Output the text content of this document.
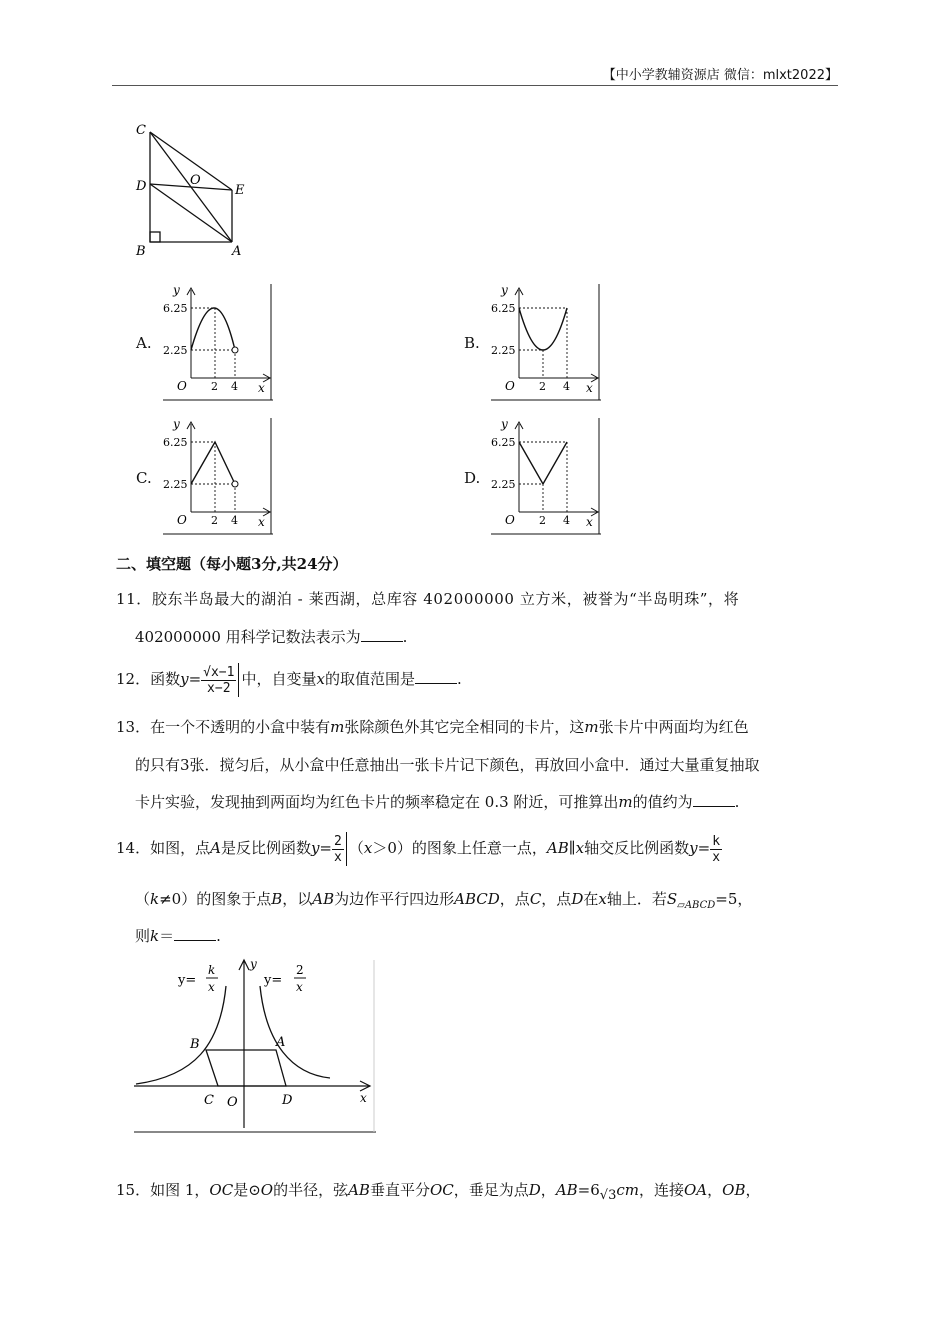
【中小学教辅资源店 微信：mlxt2022】
C
D	O
E
B	A
A.	B.
C.	D.
6.25
2.25
O 2 4 x
y
6.25
2.25
O 2 4 x
y
6.25
2.25
O 2 4 x
y
6.25
2.25
O 2 4 x
y
二、填空题（每小题3分,共24分）
11．胶东半岛最大的湖泊 - 莱西湖，总库容 402000000 立方米，被誉为“半岛明珠”，将
402000000 用科学记数法表示为	.
12．函数$y= \frac{√x-1}{x-2}$ 中，自变量x的取值范围是	.
13．在一个不透明的小盒中装有m张除颜色外其它完全相同的卡片，这m张卡片中两面均为红色
的只有3张．搅匀后，从小盒中任意抽出一张卡片记下颜色，再放回小盒中．通过大量重复抽取
卡片实验，发现抽到两面均为红色卡片的频率稳定在 0.3 附近，可推算出m的值约为	.
14．如图，点A是反比例函数$y= \frac{2}{x} (x>0)$的图象上任意一点，AB∥x轴交反比例函数$y= \frac{k}{x}$
（k≠0）的图象于点B，以AB为边作平行四边形ABCD，点C，点D在x轴上．若$S_{▱ABCD}=5$，
则k＝	.
y=
k
x	y=
2
x
y
x
B	A
C O	D
15．如图 1，OC是⊙O的半径，弦AB垂直平分OC，垂足为点D，AB=6√3cm，连接OA，OB，
